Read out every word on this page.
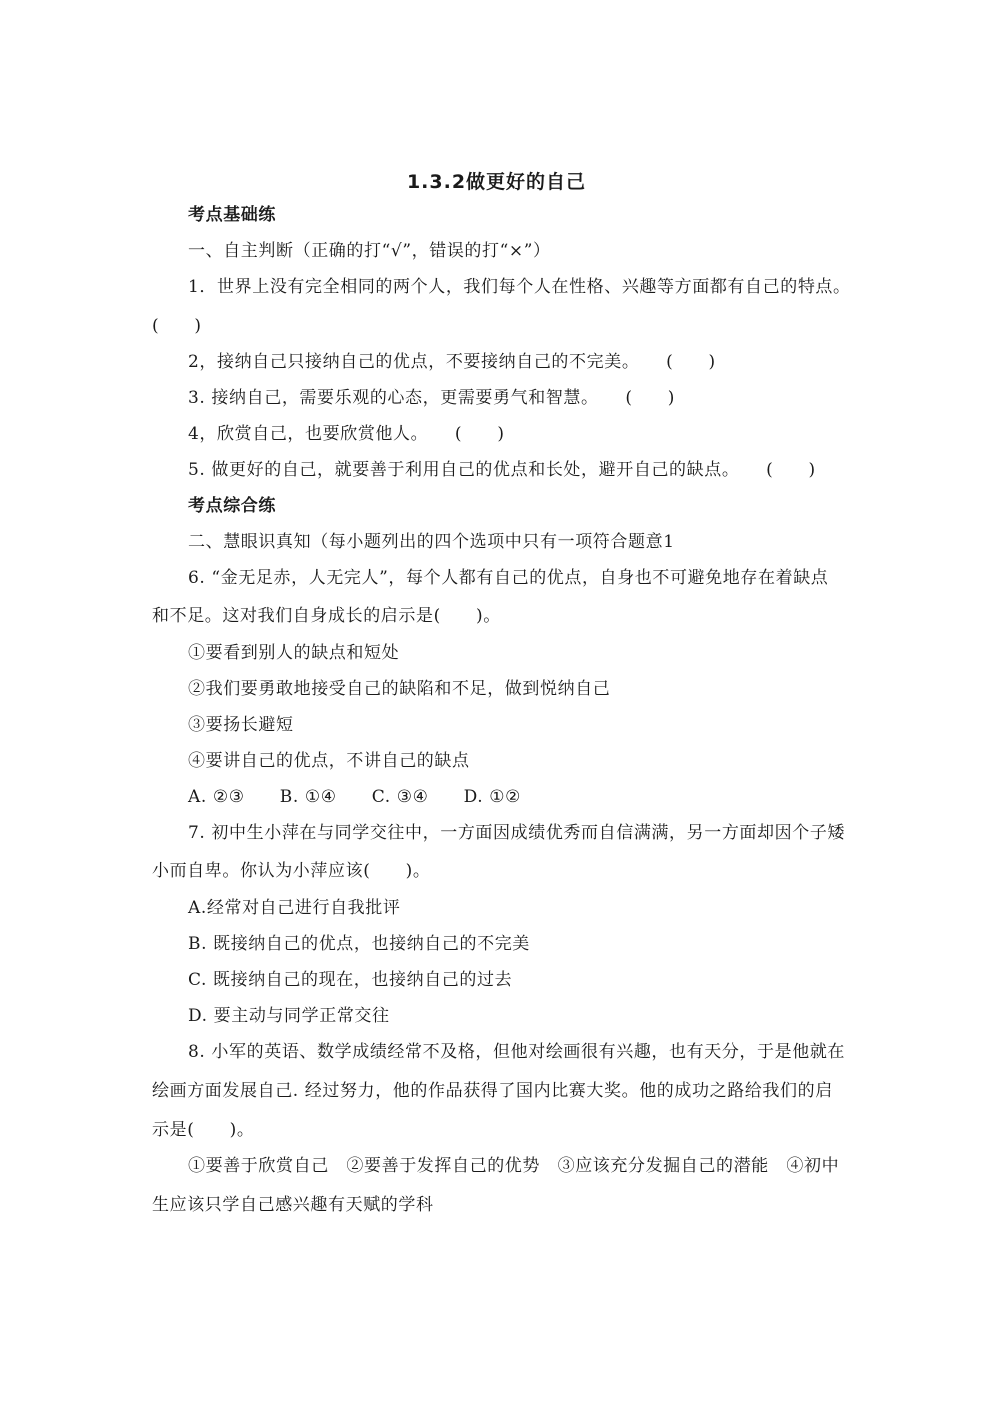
1.3.2做更好的自己
考点基础练
一、自主判断（正确的打“√”，错误的打“×”）
1．世界上没有完全相同的两个人，我们每个人在性格、兴趣等方面都有自己的特点。
(　　)
2，接纳自己只接纳自己的优点，不要接纳自己的不完美。　　(　　)
3. 接纳自己，需要乐观的心态，更需要勇气和智慧。　　(　　)
4，欣赏自己，也要欣赏他人。　　(　　)
5. 做更好的自己，就要善于利用自己的优点和长处，避开自己的缺点。　　(　　)
考点综合练
二、慧眼识真知（每小题列出的四个选项中只有一项符合题意1
6. “金无足赤，人无完人”，每个人都有自己的优点，自身也不可避免地存在着缺点
和不足。这对我们自身成长的启示是(　　)。
①要看到别人的缺点和短处
②我们要勇敢地接受自己的缺陷和不足，做到悦纳自己
③要扬长避短
④要讲自己的优点，不讲自己的缺点
A. ②③　　B. ①④　　C. ③④　　D. ①②
7. 初中生小萍在与同学交往中，一方面因成绩优秀而自信满满，另一方面却因个子矮
小而自卑。你认为小萍应该(　　)。
A.经常对自己进行自我批评
B. 既接纳自己的优点，也接纳自己的不完美
C. 既接纳自己的现在，也接纳自己的过去
D. 要主动与同学正常交往
8. 小军的英语、数学成绩经常不及格，但他对绘画很有兴趣，也有天分，于是他就在
绘画方面发展自己. 经过努力，他的作品获得了国内比赛大奖。他的成功之路给我们的启
示是(　　)。
①要善于欣赏自己　②要善于发挥自己的优势　③应该充分发掘自己的潜能　④初中
生应该只学自己感兴趣有天赋的学科
